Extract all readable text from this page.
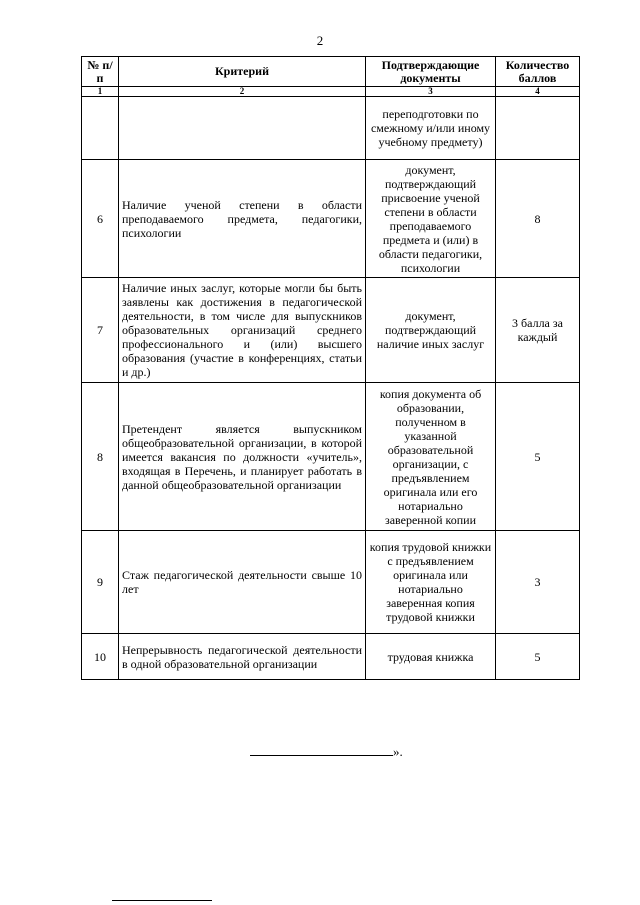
2
№ п/п	Критерий	Подтверждающие документы	Количество баллов
1	2	3	4
		переподготовки по смежному и/или иному учебному предмету)	
6	Наличие ученой степени в области преподаваемого предмета, педагогики, психологии	документ, подтверждающий присвоение ученой степени в области преподаваемого предмета и (или) в области педагогики, психологии	8
7	Наличие иных заслуг, которые могли бы быть заявлены как достижения в педагогической деятельности, в том числе для выпускников образовательных организаций среднего профессионального и (или) высшего образования (участие в конференциях, статьи и др.)	документ, подтверждающий наличие иных заслуг	3 балла за каждый
8	Претендент является выпускником общеобразовательной организации, в которой имеется вакансия по должности «учитель», входящая в Перечень, и планирует работать в данной общеобразовательной организации	копия документа об образовании, полученном в указанной образовательной организации, с предъявлением оригинала или его нотариально заверенной копии	5
9	Стаж педагогической деятельности свыше 10 лет	копия трудовой книжки с предъявлением оригинала или нотариально заверенная копия трудовой книжки	3
10	Непрерывность педагогической деятельности в одной образовательной организации	трудовая книжка	5
».
